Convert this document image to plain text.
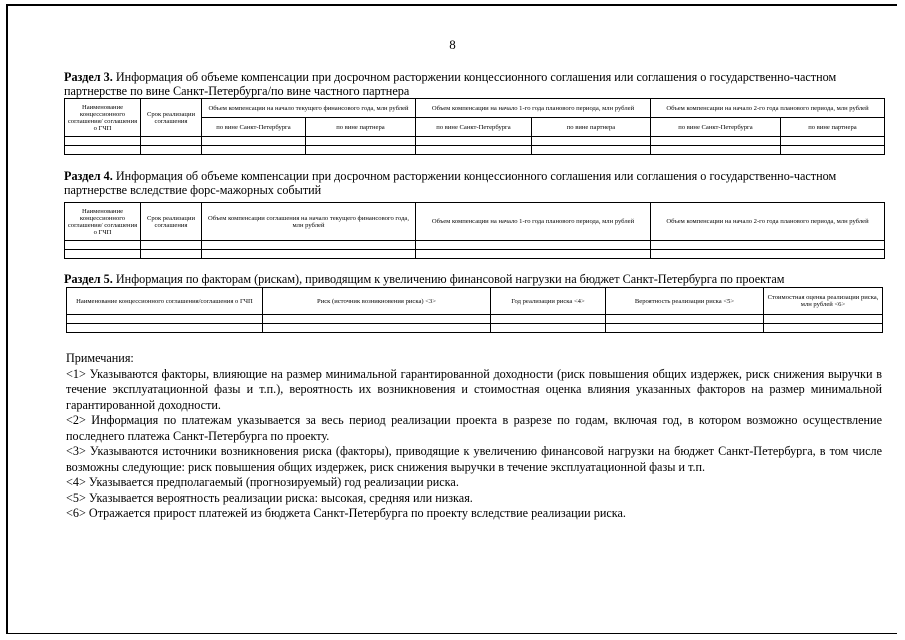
8
Раздел 3. Информация об объеме компенсации при досрочном расторжении концессионного соглашения или соглашения о государственно-частном партнерстве по вине Санкт-Петербурга/по вине частного партнера
Наименование концессионного соглашения/ соглашения о ГЧП	Срок реализации соглашения	Объем компенсации на начало текущего финансового года, млн рублей		Объем компенсации на начало 1-го года планового периода, млн рублей		Объем компенсации на начало 2-го года планового периода, млн рублей	
		по вине Санкт-Петербурга	по вине партнера	по вине Санкт-Петербурга	по вине партнера	по вине Санкт-Петербурга	по вине партнера

Раздел 4. Информация об объеме компенсации при досрочном расторжении концессионного соглашения или соглашения о государственно-частном партнерстве вследствие форс-мажорных событий
Наименование концессионного соглашения/ соглашения о ГЧП	Срок реализации соглашения	Объем компенсации соглашения на начало текущего финансового года, млн рублей	Объем компенсации на начало 1-го года планового периода, млн рублей	Объем компенсации на начало 2-го года планового периода, млн рублей

Раздел 5. Информация по факторам (рискам), приводящим к увеличению финансовой нагрузки на бюджет Санкт-Петербурга по проектам
Наименование концессионного соглашения/соглашения о ГЧП	Риск (источник возникновения риска) <3>	Год реализации риска <4>	Вероятность реализации риска <5>	Стоимостная оценка реализации риска, млн рублей <6>

Примечания:

<1> Указываются факторы, влияющие на размер минимальной гарантированной доходности (риск повышения общих издержек, риск снижения выручки в течение эксплуатационной фазы и т.п.), вероятность их возникновения и стоимостная оценка влияния указанных факторов на размер минимальной гарантированной доходности.

<2> Информация по платежам указывается за весь период реализации проекта в разрезе по годам, включая год, в котором возможно осуществление последнего платежа Санкт-Петербурга по проекту.

<3> Указываются источники возникновения риска (факторы), приводящие к увеличению финансовой нагрузки на бюджет Санкт-Петербурга, в том числе возможны следующие: риск повышения общих издержек, риск снижения выручки в течение эксплуатационной фазы и т.п.

<4> Указывается предполагаемый (прогнозируемый) год реализации риска.

<5> Указывается вероятность реализации риска: высокая, средняя или низкая.

<6> Отражается прирост платежей из бюджета Санкт-Петербурга по проекту вследствие реализации риска.
